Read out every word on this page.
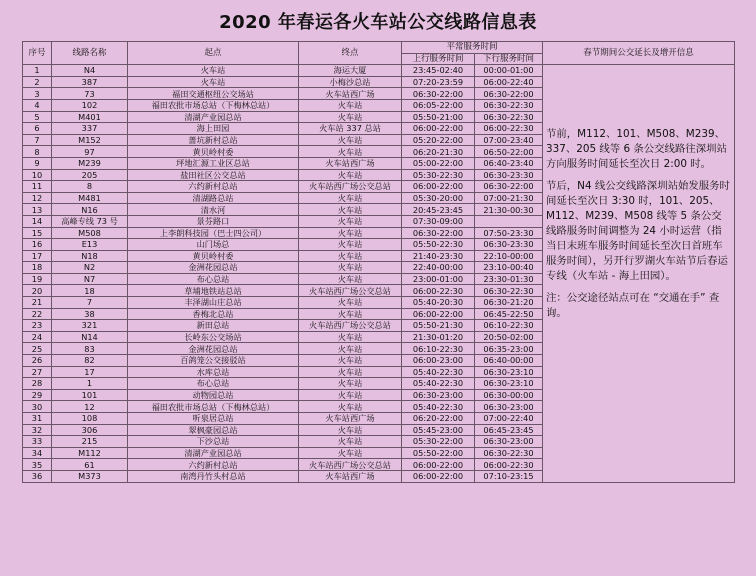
2020 年春运各火车站公交线路信息表
序号	线路名称	起点	终点	平常服务时间		春节期间公交延长及增开信息
				上行服务时间	下行服务时间	
1	N4	火车站	海运大厦	23:45-02:40	00:00-01:00	节前，M112、101、M508、M239、337、205 线等 6 条公交线路往深圳站方向服务时间延长至次日 2:00 时。

节后，N4 线公交线路深圳站始发服务时间延长至次日 3:30 时，101、205、M112、M239、M508 线等 5 条公交线路服务时间调整为 24 小时运营（指当日末班车服务时间延长至次日首班车服务时间），另开行罗湖火车站节后春运专线（火车站 - 海上田园）。

注：公交途径站点可在 “交通在手” 查询。

2	387	火车站	小梅沙总站	07:20-23:59	06:00-22:40	
3	73	福田交通枢纽公交场站	火车站西广场	06:30-22:00	06:30-22:00	
4	102	福田农批市场总站（下梅林总站）	火车站	06:05-22:00	06:30-22:30	
5	M401	清湖产业园总站	火车站	05:50-21:00	06:30-22:30	
6	337	海上田园	火车站 337 总站	06:00-22:00	06:00-22:30	
7	M152	蔷坑新村总站	火车站	05:20-22:00	07:00-23:40	
8	97	黄贝岭村委	火车站	06:20-21:30	06:50-22:00	
9	M239	坪地汇源工业区总站	火车站西广场	05:00-22:00	06:40-23:40	
10	205	盐田社区公交总站	火车站	05:30-22:30	06:30-23:30	
11	8	六约新村总站	火车站西广场公交总站	06:00-22:00	06:30-22:00	
12	M481	清湖路总站	火车站	05:30-20:00	07:00-21:30	
13	N16	清水河	火车站	20:45-23:45	21:30-00:30	
14	高峰专线 73 号	景芬路口	火车站	07:30-09:00		
15	M508	上李朗科技园（巴士四公司）	火车站	06:30-22:00	07:50-23:30	
16	E13	山门场总	火车站	05:50-22:30	06:30-23:30	
17	N18	黄贝岭村委	火车站	21:40-23:30	22:10-00:00	
18	N2	金洲花园总站	火车站	22:40-00:00	23:10-00:40	
19	N7	布心总站	火车站	23:00-01:00	23:30-01:30	
20	18	草埔地铁站总站	火车站西广场公交总站	06:00-22:30	06:30-22:30	
21	7	丰泽湖山庄总站	火车站	05:40-20:30	06:30-21:20	
22	38	香梅北总站	火车站	06:00-22:00	06:45-22:50	
23	321	新田总站	火车站西广场公交总站	05:50-21:30	06:10-22:30	
24	N14	长岭东公交场站	火车站	21:30-01:20	20:50-02:00	
25	83	金洲花园总站	火车站	06:10-22:30	06:35-23:00	
26	82	百鸽笼公交接驳站	火车站	06:00-23:00	06:40-00:00	
27	17	水库总站	火车站	05:40-22:30	06:30-23:10	
28	1	布心总站	火车站	05:40-22:30	06:30-23:10	
29	101	动物园总站	火车站	06:30-23:00	06:30-00:00	
30	12	福田农批市场总站（下梅林总站）	火车站	05:40-22:30	06:30-23:00	
31	108	听泉居总站	火车站西广场	06:20-22:00	07:00-22:40	
32	306	翠枫豪园总站	火车站	05:45-23:00	06:45-23:45	
33	215	下沙总站	火车站	05:30-22:00	06:30-23:00	
34	M112	清湖产业园总站	火车站	05:50-22:00	06:30-22:30	
35	61	六约新村总站	火车站西广场公交总站	06:00-22:00	06:00-22:30	
36	M373	南湾丹竹头村总站	火车站西广场	06:00-22:00	07:10-23:15	
